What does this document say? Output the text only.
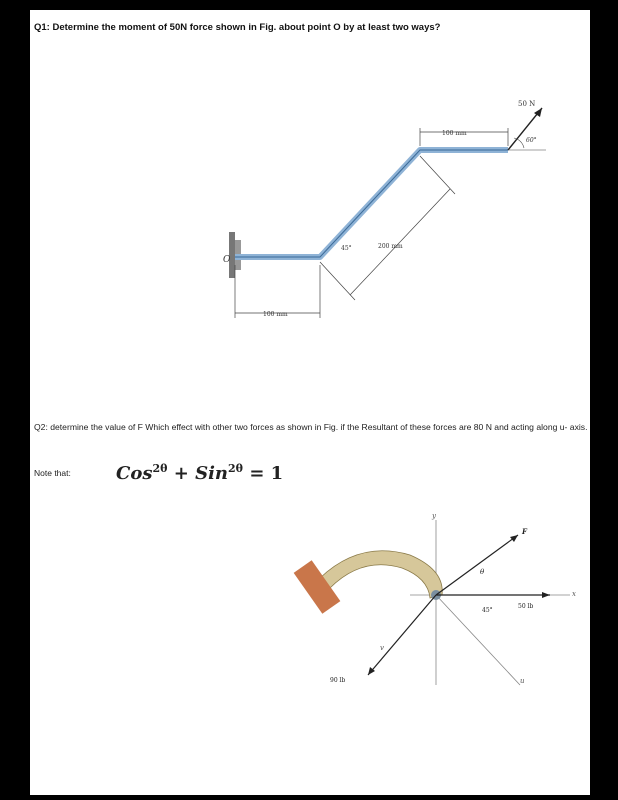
Q1: Determine the moment of 50N force shown in Fig. about point O by at least two ways?
O
100 mm
200 mm
45°
100 mm
50 N
60°
Q2: determine the value of F Which effect with other two forces as shown in Fig. if the Resultant of these forces are 80 N and acting along u- axis.
Note that:	Cos$^{2\theta}$ + Sin$^{2\theta}$ = 1
y
x
u
v
F
θ
50 lb
45°
90 lb
